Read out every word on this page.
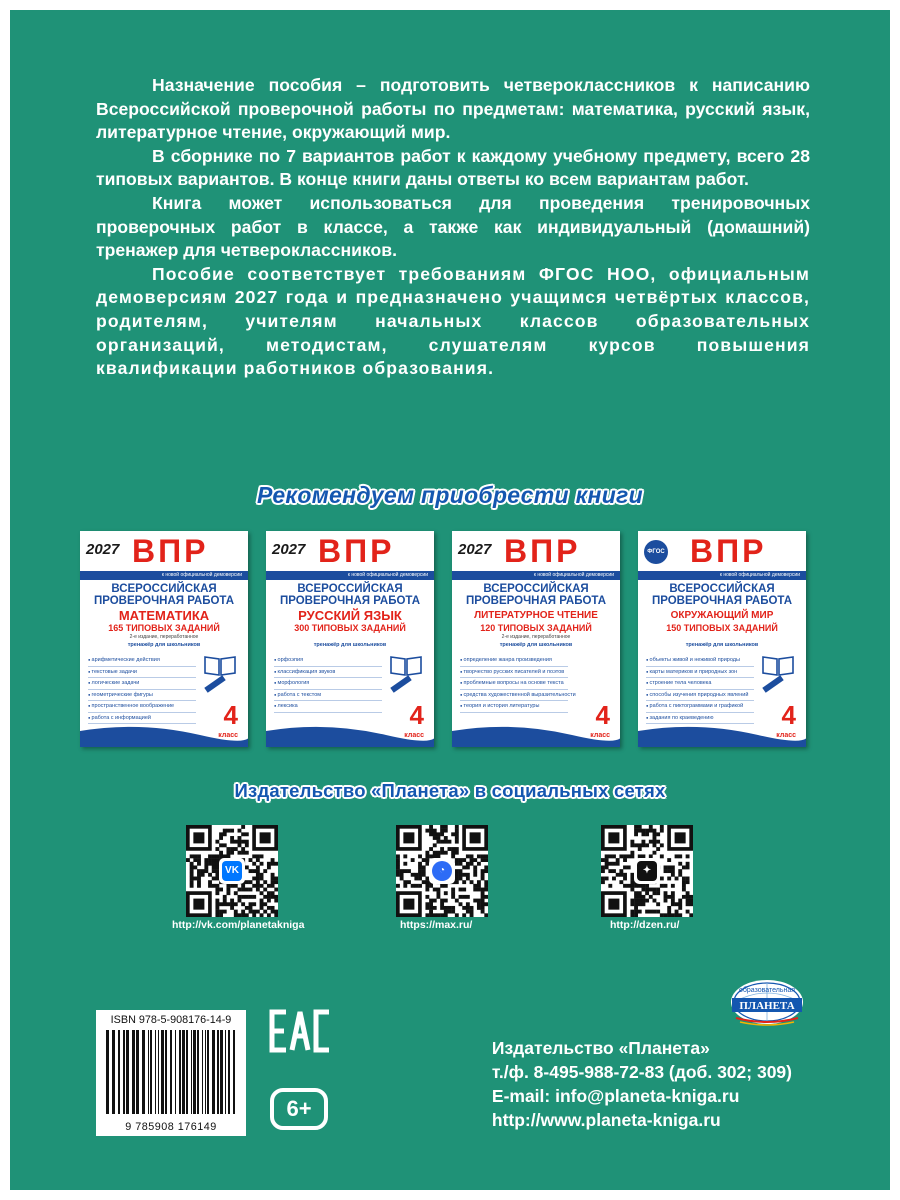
Назначение пособия – подготовить четвероклассников к написанию Всероссийской проверочной работы по предметам: математика, русский язык, литературное чтение, окружающий мир.

В сборнике по 7 вариантов работ к каждому учебному предмету, всего 28 типовых вариантов. В конце книги даны ответы ко всем вариантам работ.

Книга может использоваться для проведения тренировочных проверочных работ в классе, а также как индивидуальный (домашний) тренажер для четвероклассников.

Пособие соответствует требованиям ФГОС НОО, официальным демоверсиям 2027 года и предназначено учащимся четвёртых классов, родителям, учителям начальных классов образовательных организаций, методистам, слушателям курсов повышения квалификации работников образования.

Рекомендуем приобрести книги
2027 ВПР
к новой официальной демоверсии
ВСЕРОССИЙСКАЯ ПРОВЕРОЧНАЯ РАБОТА
МАТЕМАТИКА
165 ТИПОВЫХ ЗАДАНИЙ
2-е издание, переработанное
тренажёр для школьников
● арифметические действия
● текстовые задачи
● логические задачи
● геометрические фигуры
● пространственное воображение
● работа с информацией	4
класс
2027 ВПР
к новой официальной демоверсии
ВСЕРОССИЙСКАЯ ПРОВЕРОЧНАЯ РАБОТА
РУССКИЙ ЯЗЫК
300 ТИПОВЫХ ЗАДАНИЙ
тренажёр для школьников
● орфоэпия
● классификация звуков
● морфология
● работа с текстом
● лексика	4
класс
2027 ВПР
к новой официальной демоверсии
ВСЕРОССИЙСКАЯ ПРОВЕРОЧНАЯ РАБОТА
ЛИТЕРАТУРНОЕ ЧТЕНИЕ
120 ТИПОВЫХ ЗАДАНИЙ
2-е издание, переработанное
тренажёр для школьников
● определение жанра произведения
● творчество русских писателей и поэтов
● проблемные вопросы на основе текста
● средства художественной выразительности
● теория и история литературы	4
класс
ФГОС ВПР
к новой официальной демоверсии
ВСЕРОССИЙСКАЯ ПРОВЕРОЧНАЯ РАБОТА
ОКРУЖАЮЩИЙ МИР
150 ТИПОВЫХ ЗАДАНИЙ
тренажёр для школьников
● объекты живой и неживой природы
● карты материков и природных зон
● строение тела человека
● способы изучения природных явлений
● работа с пиктограммами и графикой
● задания по краеведению	4
класс
Издательство «Планета» в социальных сетях
VK
http://vk.com/planetakniga
◔
https://max.ru/
✦
http://dzen.ru/
образовательная
ПЛАНЕТА
ISBN 978-5-908176-14-9
9 785908 176149
6+
Издательство «Планета»
т./ф. 8-495-988-72-83 (доб. 302; 309)
E-mail: info@planeta-kniga.ru
http://www.planeta-kniga.ru
